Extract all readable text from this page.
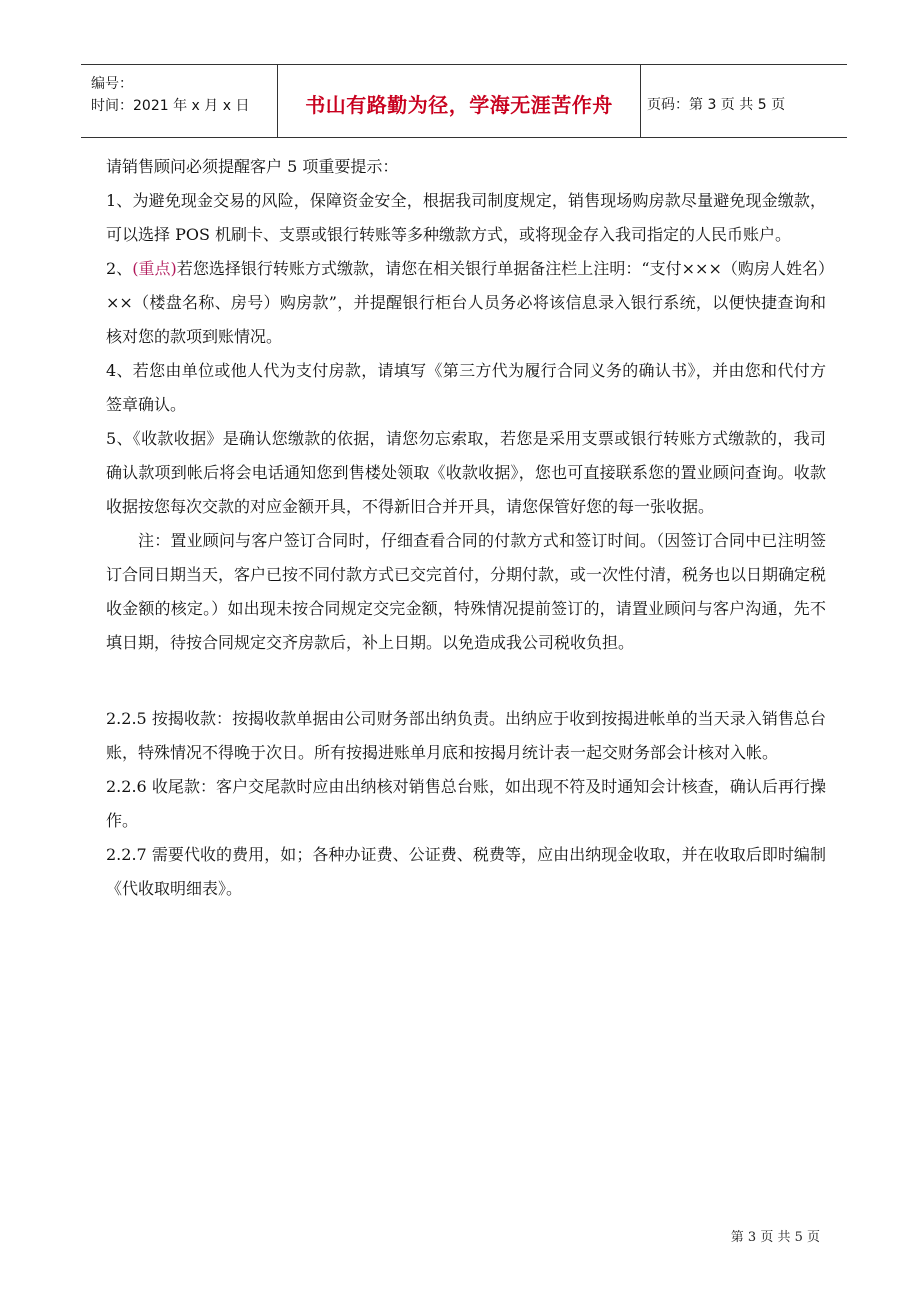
编号：
时间：2021 年 x 月 x 日	书山有路勤为径，学海无涯苦作舟	页码：第 3 页 共 5 页

请销售顾问必须提醒客户 5 项重要提示：

1、为避免现金交易的风险，保障资金安全，根据我司制度规定，销售现场购房款尽量避免现金缴款，可以选择 POS 机刷卡、支票或银行转账等多种缴款方式，或将现金存入我司指定的人民币账户。

2、(重点)若您选择银行转账方式缴款，请您在相关银行单据备注栏上注明：“支付×××（购房人姓名）××（楼盘名称、房号）购房款”，并提醒银行柜台人员务必将该信息录入银行系统，以便快捷查询和核对您的款项到账情况。

4、若您由单位或他人代为支付房款，请填写《第三方代为履行合同义务的确认书》，并由您和代付方签章确认。

5、《收款收据》是确认您缴款的依据，请您勿忘索取，若您是采用支票或银行转账方式缴款的，我司确认款项到帐后将会电话通知您到售楼处领取《收款收据》，您也可直接联系您的置业顾问查询。收款收据按您每次交款的对应金额开具，不得新旧合并开具，请您保管好您的每一张收据。

注：置业顾问与客户签订合同时，仔细查看合同的付款方式和签订时间。（因签订合同中已注明签订合同日期当天，客户已按不同付款方式已交完首付，分期付款，或一次性付清，税务也以日期确定税收金额的核定。）如出现未按合同规定交完金额，特殊情况提前签订的，请置业顾问与客户沟通，先不填日期，待按合同规定交齐房款后，补上日期。以免造成我公司税收负担。

2.2.5 按揭收款：按揭收款单据由公司财务部出纳负责。出纳应于收到按揭进帐单的当天录入销售总台账，特殊情况不得晚于次日。所有按揭进账单月底和按揭月统计表一起交财务部会计核对入帐。

2.2.6 收尾款：客户交尾款时应由出纳核对销售总台账，如出现不符及时通知会计核查，确认后再行操作。

2.2.7 需要代收的费用，如；各种办证费、公证费、税费等，应由出纳现金收取，并在收取后即时编制《代收取明细表》。

第 3 页 共 5 页
